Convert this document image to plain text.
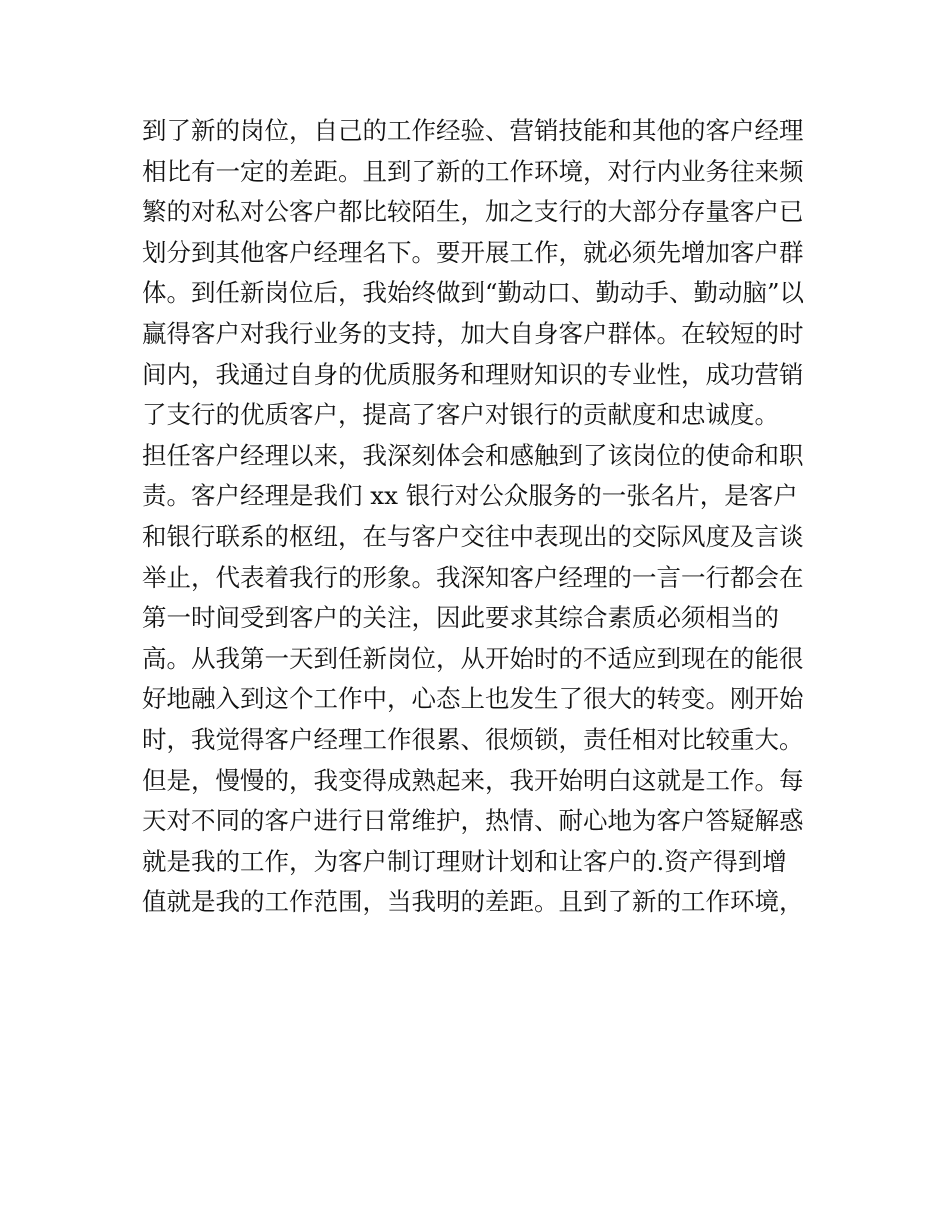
到了新的岗位，自己的工作经验、营销技能和其他的客户经理
相比有一定的差距。且到了新的工作环境，对行内业务往来频
繁的对私对公客户都比较陌生，加之支行的大部分存量客户已
划分到其他客户经理名下。要开展工作，就必须先增加客户群
体。到任新岗位后，我始终做到“勤动口、勤动手、勤动脑”以
赢得客户对我行业务的支持，加大自身客户群体。在较短的时
间内，我通过自身的优质服务和理财知识的专业性，成功营销
了支行的优质客户，提高了客户对银行的贡献度和忠诚度。
担任客户经理以来，我深刻体会和感触到了该岗位的使命和职
责。客户经理是我们 xx 银行对公众服务的一张名片，是客户
和银行联系的枢纽，在与客户交往中表现出的交际风度及言谈
举止，代表着我行的形象。我深知客户经理的一言一行都会在
第一时间受到客户的关注，因此要求其综合素质必须相当的
高。从我第一天到任新岗位，从开始时的不适应到现在的能很
好地融入到这个工作中，心态上也发生了很大的转变。刚开始
时，我觉得客户经理工作很累、很烦锁，责任相对比较重大。
但是，慢慢的，我变得成熟起来，我开始明白这就是工作。每
天对不同的客户进行日常维护，热情、耐心地为客户答疑解惑
就是我的工作，为客户制订理财计划和让客户的.资产得到增
值就是我的工作范围，当我明的差距。且到了新的工作环境，
